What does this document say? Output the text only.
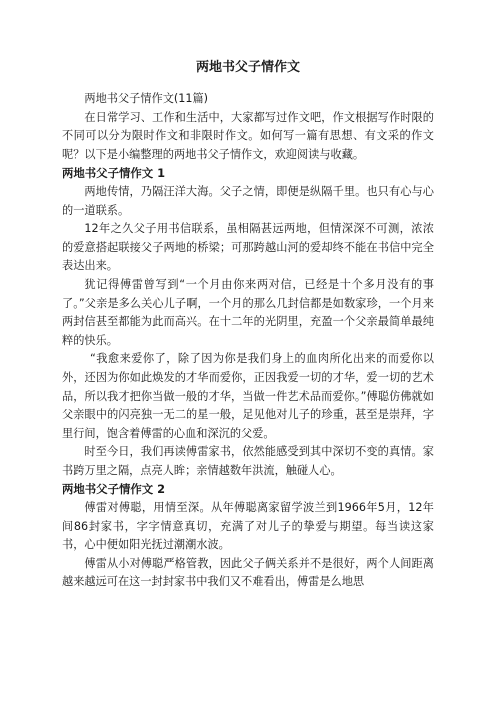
两地书父子情作文

两地书父子情作文(11篇)

在日常学习、工作和生活中，大家都写过作文吧，作文根据写作时限的不同可以分为限时作文和非限时作文。如何写一篇有思想、有文采的作文呢？以下是小编整理的两地书父子情作文，欢迎阅读与收藏。

两地书父子情作文 1

两地传情，乃隔汪洋大海。父子之情，即便是纵隔千里。也只有心与心的一道联系。

12年之久父子用书信联系，虽相隔甚远两地，但情深深不可测，浓浓的爱意搭起联接父子两地的桥梁；可那跨越山河的爱却终不能在书信中完全表达出来。

犹记得傅雷曾写到“一个月由你来两对信，已经是十个多月没有的事了。”父亲是多么关心儿子啊，一个月的那么几封信都是如数家珍，一个月来两封信甚至都能为此而高兴。在十二年的光阴里，充盈一个父亲最简单最纯粹的快乐。

“我愈来爱你了，除了因为你是我们身上的血肉所化出来的而爱你以外，还因为你如此焕发的才华而爱你，正因我爱一切的才华，爱一切的艺术品，所以我才把你当做一般的才华，当做一件艺术品而爱你。”傅聪仿佛就如父亲眼中的闪亮独一无二的星一般，足见他对儿子的珍重，甚至是崇拜，字里行间，饱含着傅雷的心血和深沉的父爱。

时至今日，我们再读傅雷家书，依然能感受到其中深切不变的真情。家书跨万里之隔，点亮人眸；亲情越数年洪流，触碰人心。

两地书父子情作文 2

傅雷对傅聪，用情至深。从年傅聪离家留学波兰到1966年5月，12年间86封家书，字字情意真切，充满了对儿子的挚爱与期望。每当读这家书，心中便如阳光抚过潮潮水波。

傅雷从小对傅聪严格管教，因此父子俩关系并不是很好，两个人间距离越来越远可在这一封封家书中我们又不难看出，傅雷是么地思
